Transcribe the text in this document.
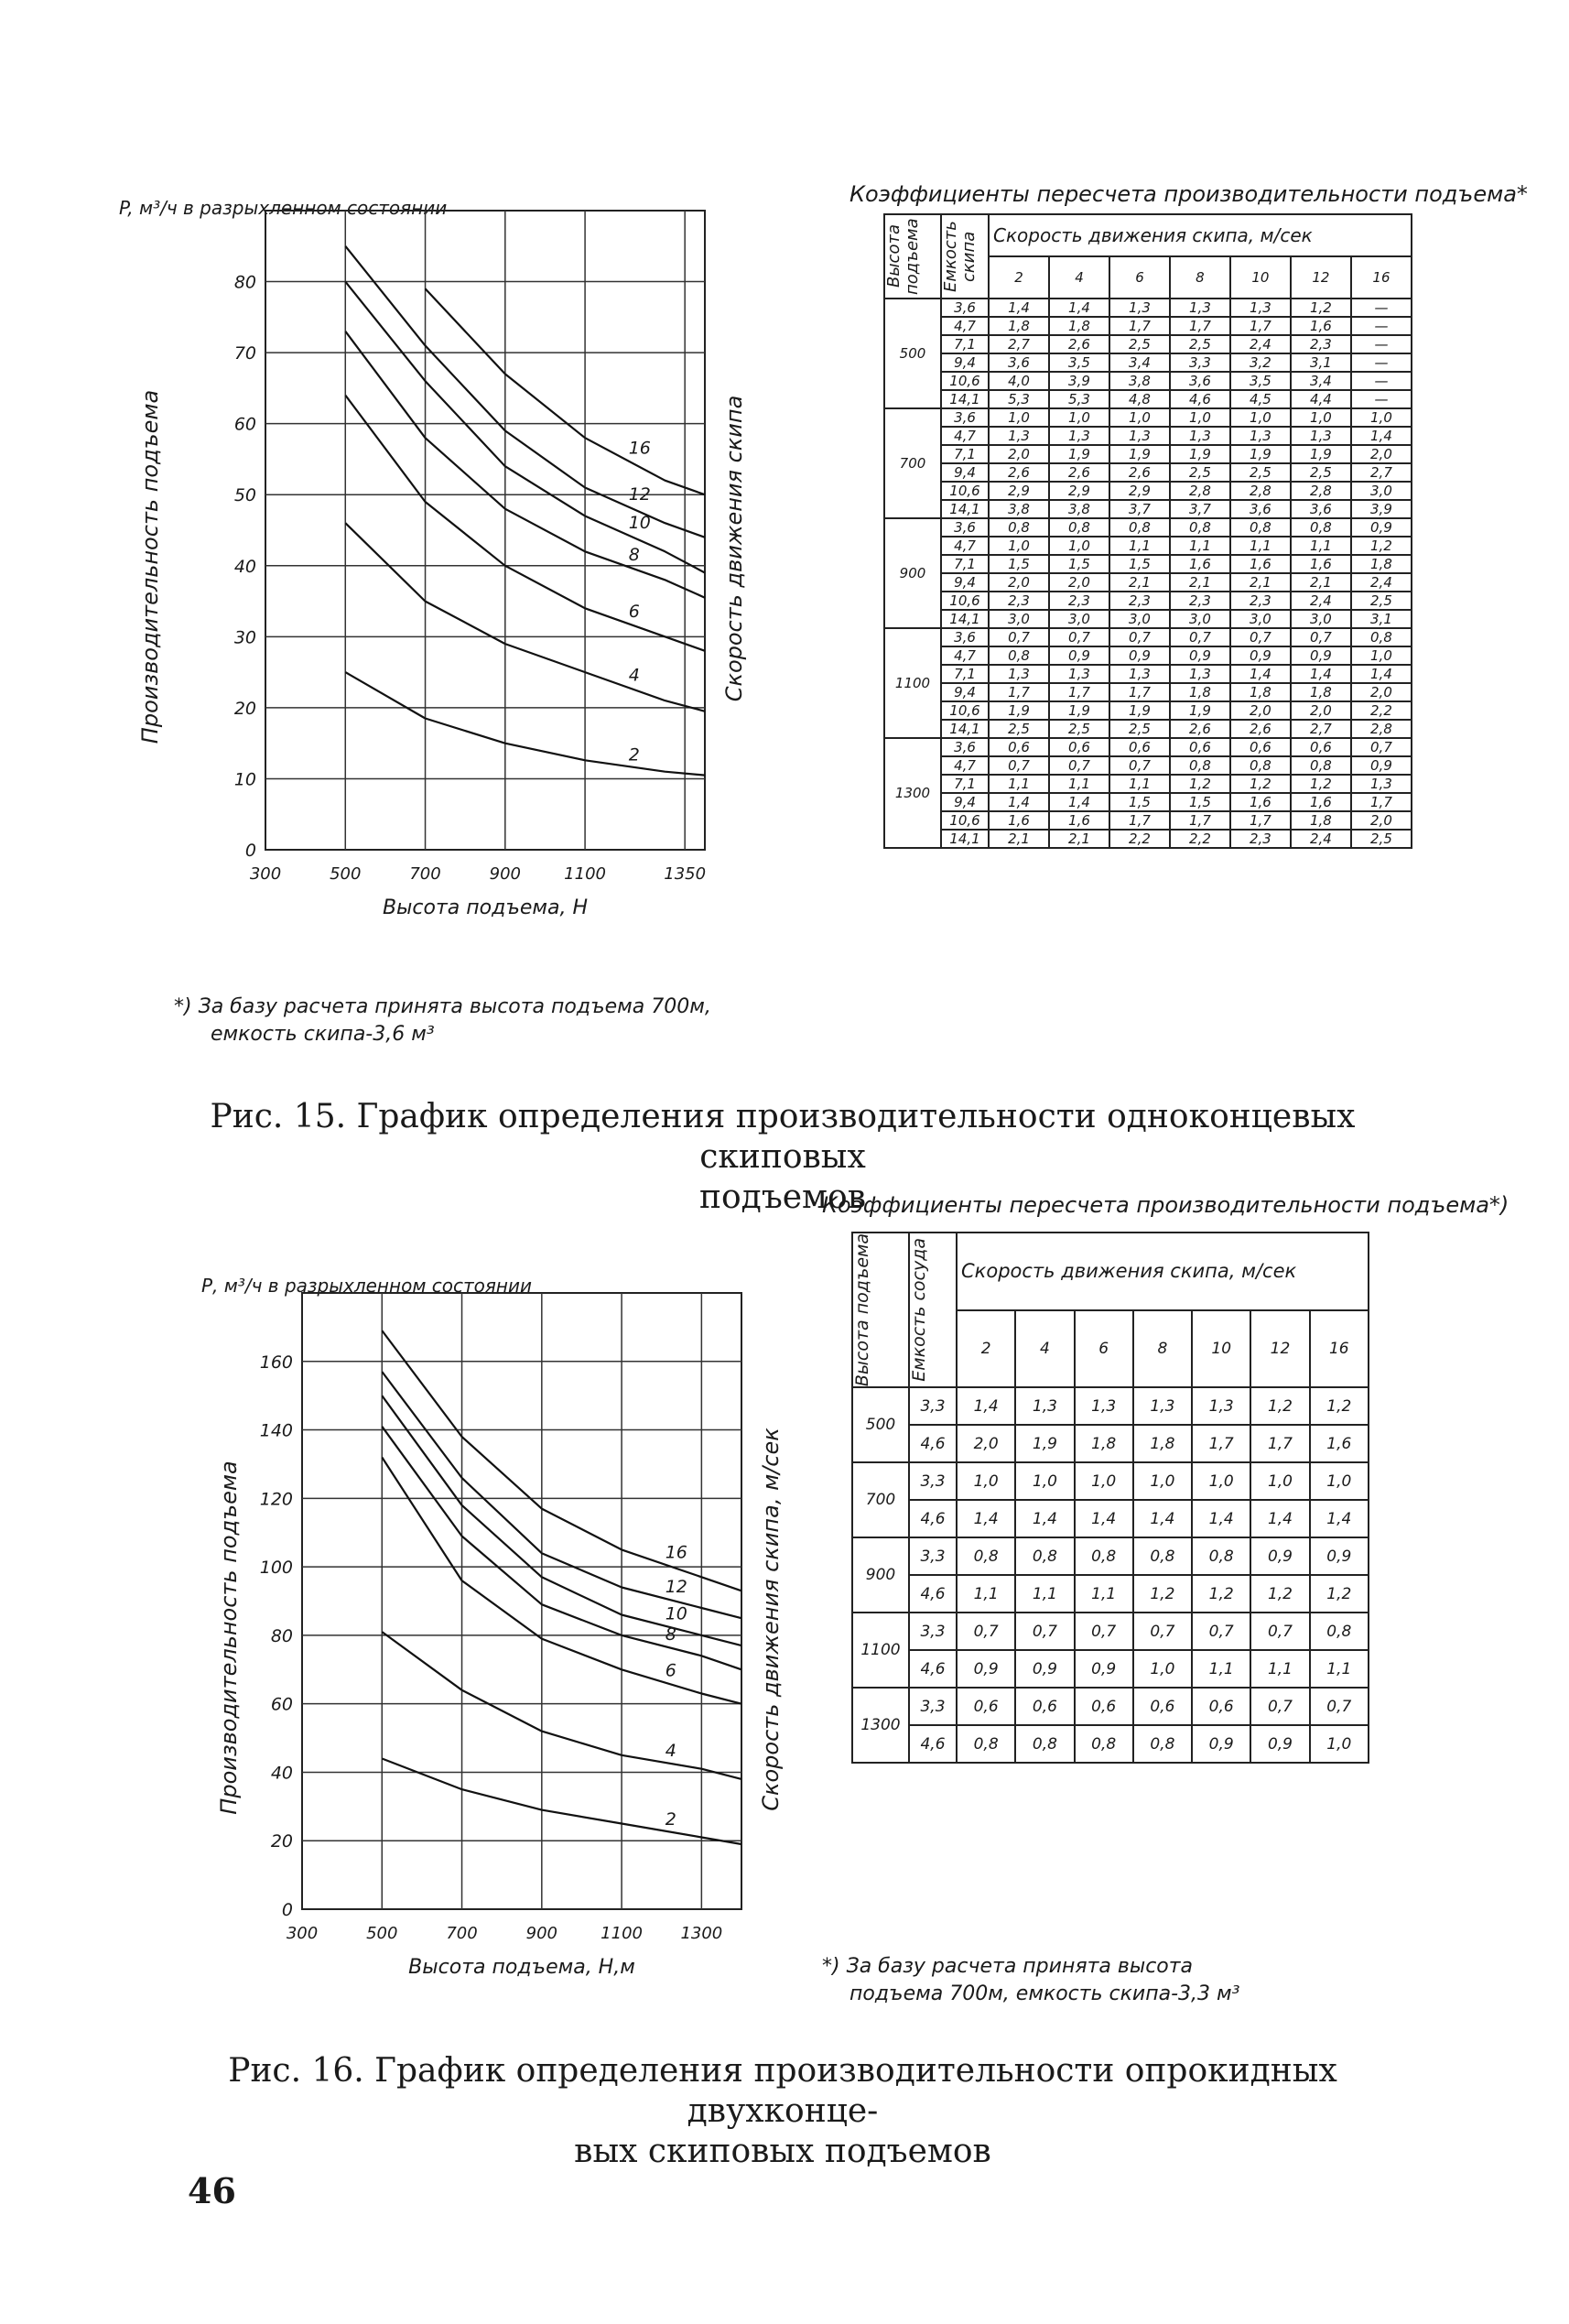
P, м³/ч в разрыхленном состоянии
300	500	700	900	1100	1350
80
70
60
50
40
30
20
10
0
16
12
10
8
6
4
2
Высота подъема, Н
Производительность подъема	Скорость движения скипа
Коэффициенты пересчета производительности подъема*
Высота подъема	Емкость скипа	Скорость движения скипа, м/сек						
		2	4	6	8	10	12	16
500	3,6	1,4	1,4	1,3	1,3	1,3	1,2	—
	4,7	1,8	1,8	1,7	1,7	1,7	1,6	—
	7,1	2,7	2,6	2,5	2,5	2,4	2,3	—
	9,4	3,6	3,5	3,4	3,3	3,2	3,1	—
	10,6	4,0	3,9	3,8	3,6	3,5	3,4	—
	14,1	5,3	5,3	4,8	4,6	4,5	4,4	—
700	3,6	1,0	1,0	1,0	1,0	1,0	1,0	1,0
	4,7	1,3	1,3	1,3	1,3	1,3	1,3	1,4
	7,1	2,0	1,9	1,9	1,9	1,9	1,9	2,0
	9,4	2,6	2,6	2,6	2,5	2,5	2,5	2,7
	10,6	2,9	2,9	2,9	2,8	2,8	2,8	3,0
	14,1	3,8	3,8	3,7	3,7	3,6	3,6	3,9
900	3,6	0,8	0,8	0,8	0,8	0,8	0,8	0,9
	4,7	1,0	1,0	1,1	1,1	1,1	1,1	1,2
	7,1	1,5	1,5	1,5	1,6	1,6	1,6	1,8
	9,4	2,0	2,0	2,1	2,1	2,1	2,1	2,4
	10,6	2,3	2,3	2,3	2,3	2,3	2,4	2,5
	14,1	3,0	3,0	3,0	3,0	3,0	3,0	3,1
1100	3,6	0,7	0,7	0,7	0,7	0,7	0,7	0,8
	4,7	0,8	0,9	0,9	0,9	0,9	0,9	1,0
	7,1	1,3	1,3	1,3	1,3	1,4	1,4	1,4
	9,4	1,7	1,7	1,7	1,8	1,8	1,8	2,0
	10,6	1,9	1,9	1,9	1,9	2,0	2,0	2,2
	14,1	2,5	2,5	2,5	2,6	2,6	2,7	2,8
1300	3,6	0,6	0,6	0,6	0,6	0,6	0,6	0,7
	4,7	0,7	0,7	0,7	0,8	0,8	0,8	0,9
	7,1	1,1	1,1	1,1	1,2	1,2	1,2	1,3
	9,4	1,4	1,4	1,5	1,5	1,6	1,6	1,7
	10,6	1,6	1,6	1,7	1,7	1,7	1,8	2,0
	14,1	2,1	2,1	2,2	2,2	2,3	2,4	2,5
*) За базу расчета принята высота подъема 700м,
емкость скипа-3,6 м³
Рис. 15. График определения производительности одноконцевых скиповых
подъемов
Коэффициенты пересчета производительности подъема*)
Р, м³/ч в разрыхленном состоянии
300	500	700	900	1100 1300
160
140
120
100
80
60
40
20
0
16
12
10
8
6
4
2
Высота подъема, Н,м
Производительность подъема	Скорость движения скипа, м/сек
Высота подъема	Емкость сосуда	Скорость движения скипа, м/сек						
		2	4	6	8	10	12	16
500	3,3	1,4	1,3	1,3	1,3	1,3	1,2	1,2
	4,6	2,0	1,9	1,8	1,8	1,7	1,7	1,6
700	3,3	1,0	1,0	1,0	1,0	1,0	1,0	1,0
	4,6	1,4	1,4	1,4	1,4	1,4	1,4	1,4
900	3,3	0,8	0,8	0,8	0,8	0,8	0,9	0,9
	4,6	1,1	1,1	1,1	1,2	1,2	1,2	1,2
1100	3,3	0,7	0,7	0,7	0,7	0,7	0,7	0,8
	4,6	0,9	0,9	0,9	1,0	1,1	1,1	1,1
1300	3,3	0,6	0,6	0,6	0,6	0,6	0,7	0,7
	4,6	0,8	0,8	0,8	0,8	0,9	0,9	1,0
*) За базу расчета принята высота
подъема 700м, емкость скипа-3,3 м³
Рис. 16. График определения производительности опрокидных двухконце-
вых скиповых подъемов
46
